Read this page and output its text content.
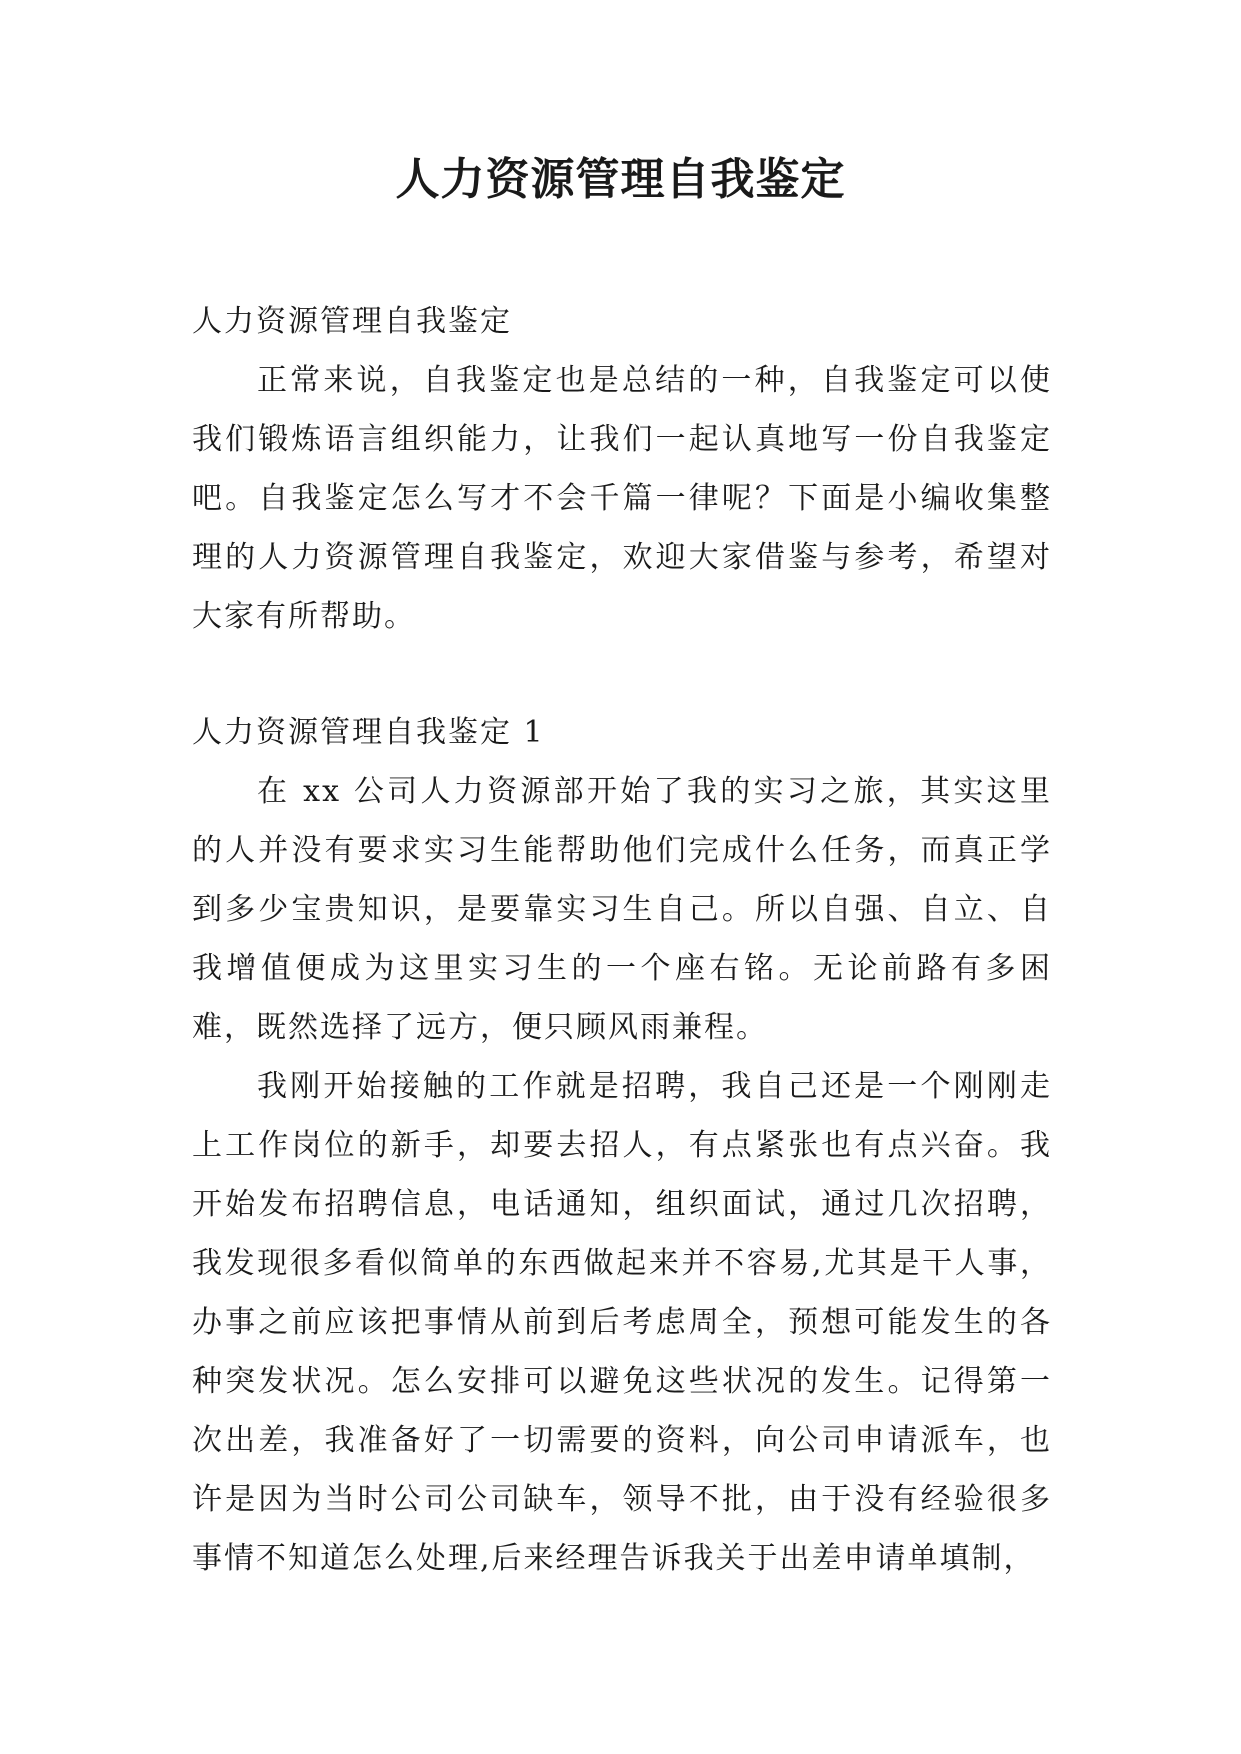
人力资源管理自我鉴定

人力资源管理自我鉴定

正常来说，自我鉴定也是总结的一种，自我鉴定可以使我们锻炼语言组织能力，让我们一起认真地写一份自我鉴定吧。自我鉴定怎么写才不会千篇一律呢？下面是小编收集整理的人力资源管理自我鉴定，欢迎大家借鉴与参考，希望对大家有所帮助。

人力资源管理自我鉴定 1

在 xx 公司人力资源部开始了我的实习之旅，其实这里的人并没有要求实习生能帮助他们完成什么任务，而真正学到多少宝贵知识，是要靠实习生自己。所以自强、自立、自我增值便成为这里实习生的一个座右铭。无论前路有多困难，既然选择了远方，便只顾风雨兼程。

我刚开始接触的工作就是招聘，我自己还是一个刚刚走上工作岗位的新手，却要去招人，有点紧张也有点兴奋。我开始发布招聘信息，电话通知，组织面试，通过几次招聘，我发现很多看似简单的东西做起来并不容易,尤其是干人事，办事之前应该把事情从前到后考虑周全，预想可能发生的各种突发状况。怎么安排可以避免这些状况的发生。记得第一次出差，我准备好了一切需要的资料，向公司申请派车，也许是因为当时公司公司缺车，领导不批，由于没有经验很多事情不知道怎么处理,后来经理告诉我关于出差申请单填制，
